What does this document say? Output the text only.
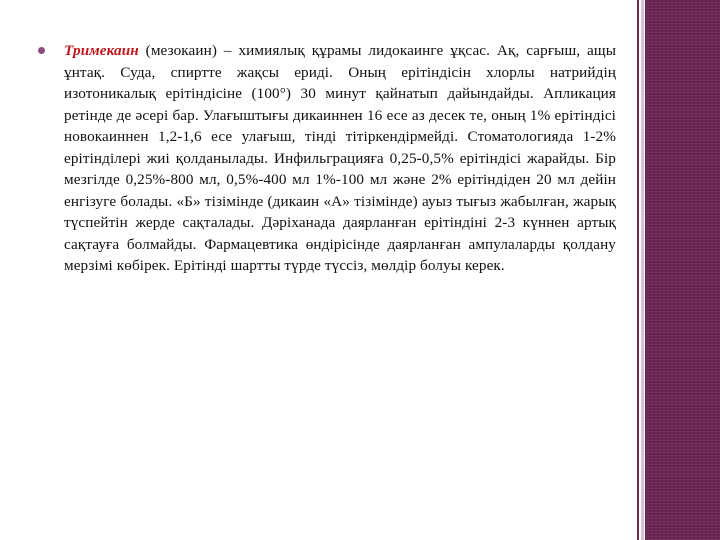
Тримекаин (мезокаин) – химиялық құрамы лидокаинге ұқсас. Ақ, сарғыш, ащы ұнтақ. Суда, спиртте жақсы ериді. Оның ерітіндісін хлорлы натрийдің изотоникалық ерітіндісіне (100°) 30 минут қайнатып дайындайды. Апликация ретінде де әсері бар. Улағыштығы дикаиннен 16 есе аз десек те, оның 1% ерітіндісі новокаиннен 1,2-1,6 есе улағыш, тінді тітіркендірмейді. Стоматологияда 1-2% ерітінділері жиі қолданылады. Инфильграцияға 0,25-0,5% ерітіндісі жарайды. Бір мезгілде 0,25%-800 мл, 0,5%-400 мл 1%-100 мл және 2% ерітіндіден 20 мл дейін енгізуге болады. «Б» тізімінде (дикаин «А» тізімінде) ауыз тығыз жабылған, жарық түспейтін жерде сақталады. Дәріханада даярланған ерітіндіні 2-3 күннен артық сақтауға болмайды. Фармацевтика өндірісінде даярланған ампулаларды қолдану мерзімі көбірек. Ерітінді шартты түрде түссіз, мөлдір болуы керек.
